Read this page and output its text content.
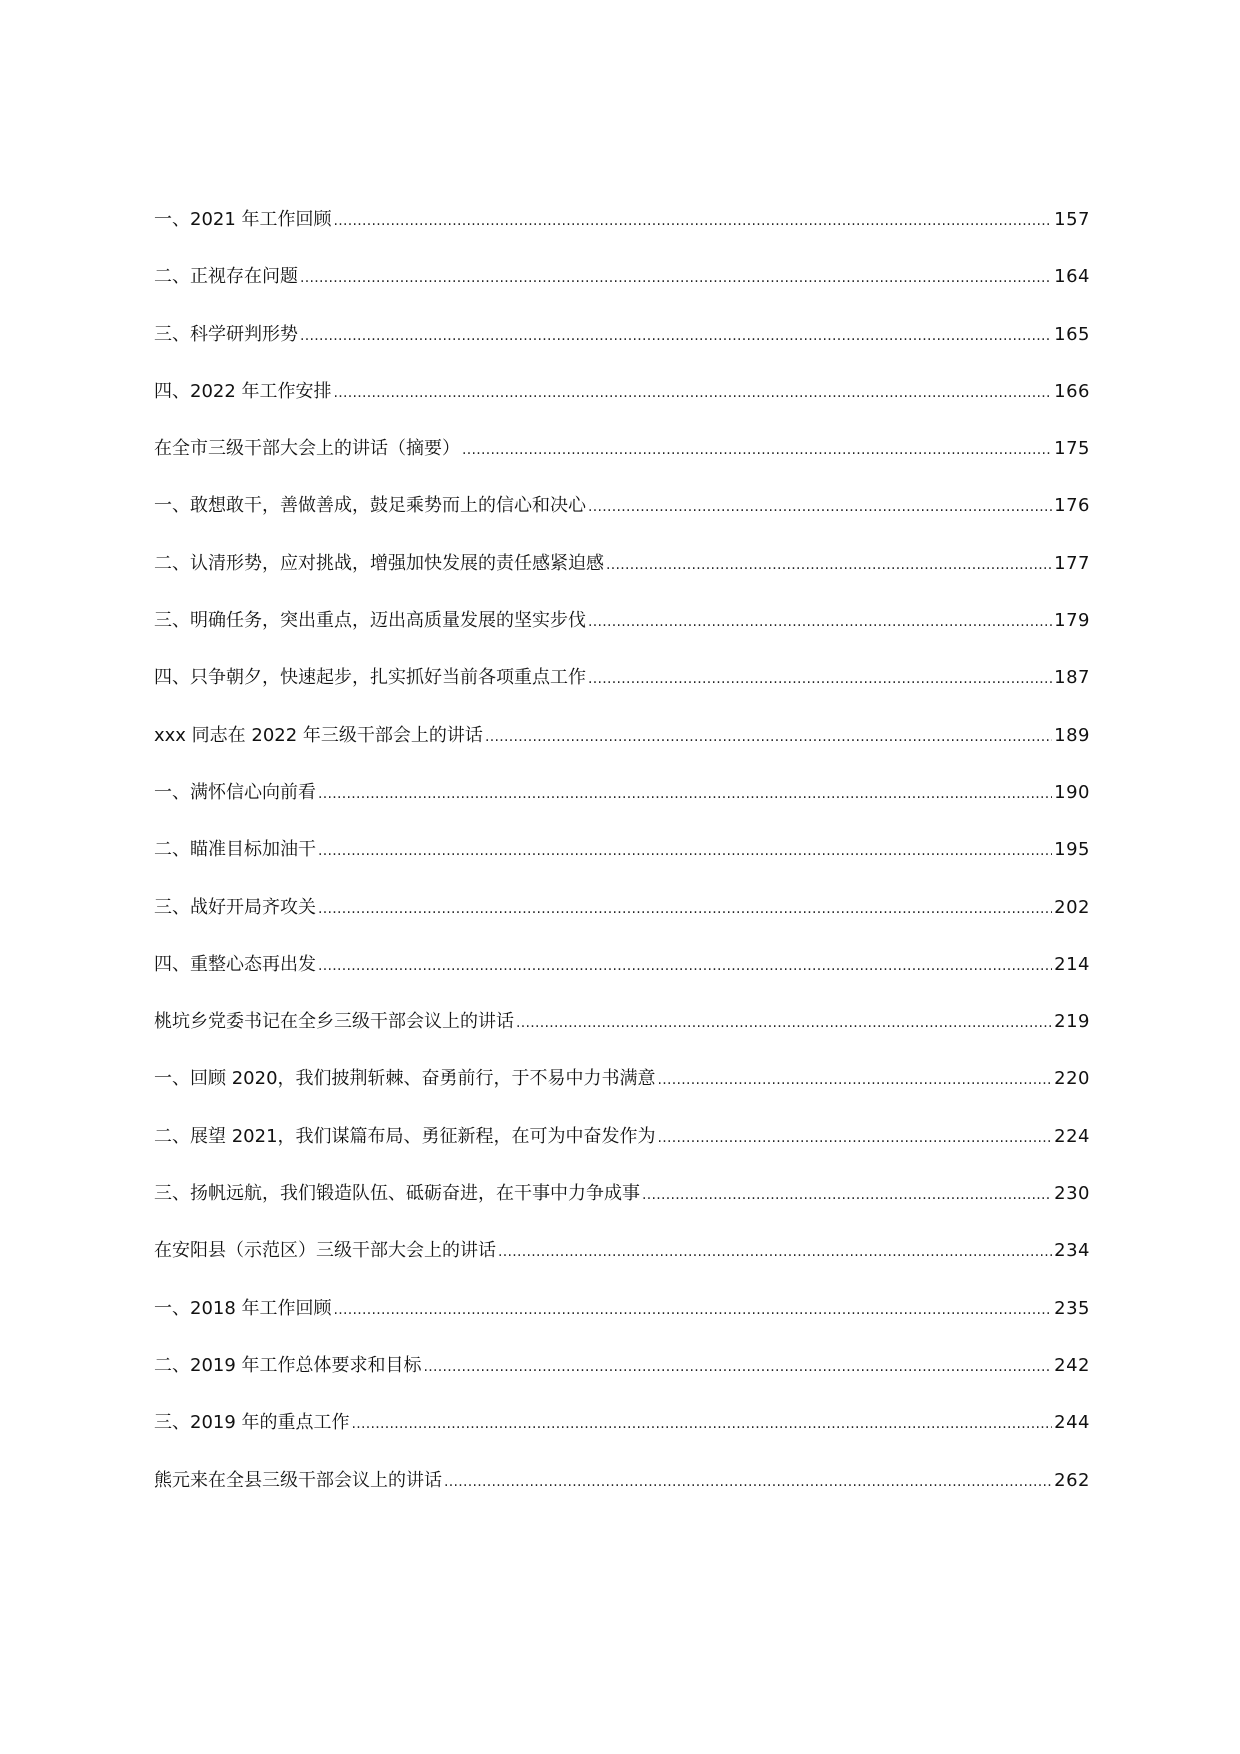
一、2021 年工作回顾 .....	157
二、正视存在问题 .....	164
三、科学研判形势 .....	165
四、2022 年工作安排 .....	166
在全市三级干部大会上的讲话（摘要） .....	175
一、敢想敢干，善做善成，鼓足乘势而上的信心和决心 .....	176
二、认清形势，应对挑战，增强加快发展的责任感紧迫感 .....	177
三、明确任务，突出重点，迈出高质量发展的坚实步伐 .....	179
四、只争朝夕，快速起步，扎实抓好当前各项重点工作 .....	187
xxx 同志在 2022 年三级干部会上的讲话 .....	189
一、满怀信心向前看 .....	190
二、瞄准目标加油干 .....	195
三、战好开局齐攻关 .....	202
四、重整心态再出发 .....	214
桃坑乡党委书记在全乡三级干部会议上的讲话 .....	219
一、回顾 2020，我们披荆斩棘、奋勇前行，于不易中力书满意 .....	220
二、展望 2021，我们谋篇布局、勇征新程，在可为中奋发作为 .....	224
三、扬帆远航，我们锻造队伍、砥砺奋进，在干事中力争成事 .....	230
在安阳县（示范区）三级干部大会上的讲话 .....	234
一、2018 年工作回顾 .....	235
二、2019 年工作总体要求和目标 .....	242
三、2019 年的重点工作 .....	244
熊元来在全县三级干部会议上的讲话 .....	262
